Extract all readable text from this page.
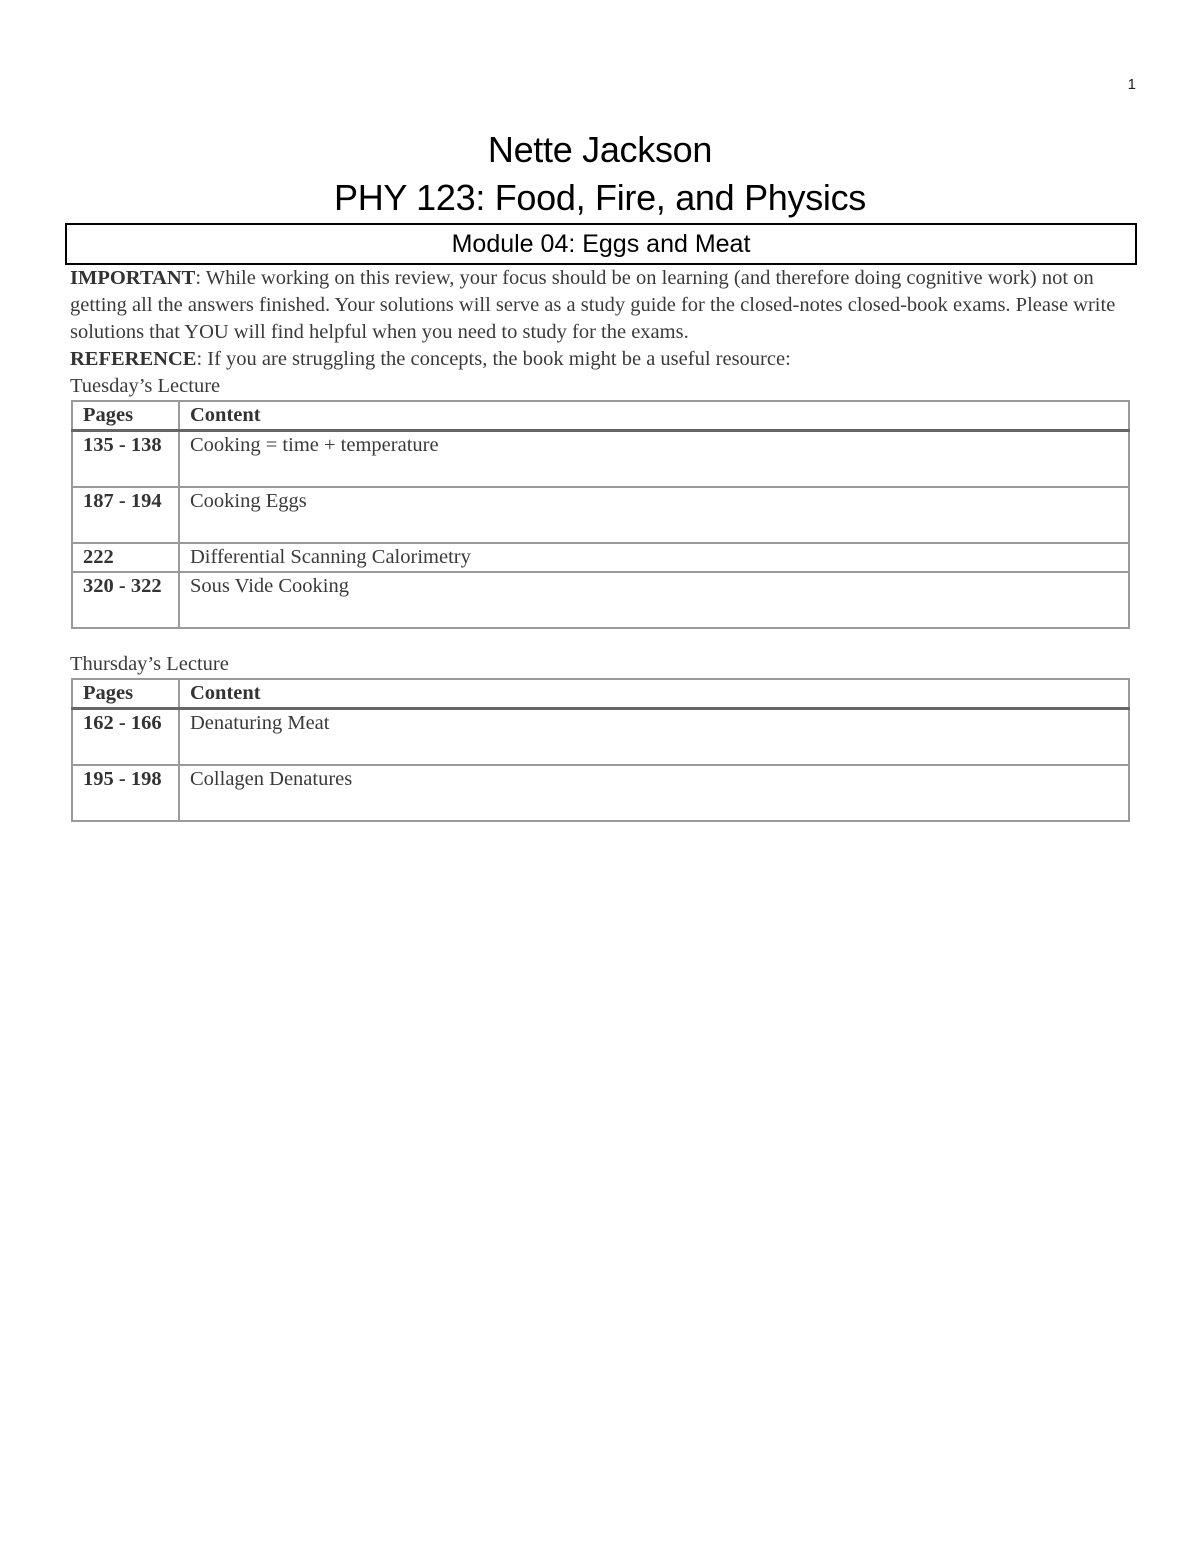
1
Nette Jackson
PHY 123: Food, Fire, and Physics
Module 04: Eggs and Meat

IMPORTANT: While working on this review, your focus should be on learning (and therefore doing cognitive work) not on getting all the answers finished. Your solutions will serve as a study guide for the closed-notes closed-book exams. Please write solutions that YOU will find helpful when you need to study for the exams.

REFERENCE: If you are struggling the concepts, the book might be a useful resource:

Tuesday’s Lecture
Pages	Content
135 - 138	Cooking = time + temperature
187 - 194	Cooking Eggs
222	Differential Scanning Calorimetry
320 - 322	Sous Vide Cooking
Thursday’s Lecture
Pages	Content
162 - 166	Denaturing Meat
195 - 198	Collagen Denatures
